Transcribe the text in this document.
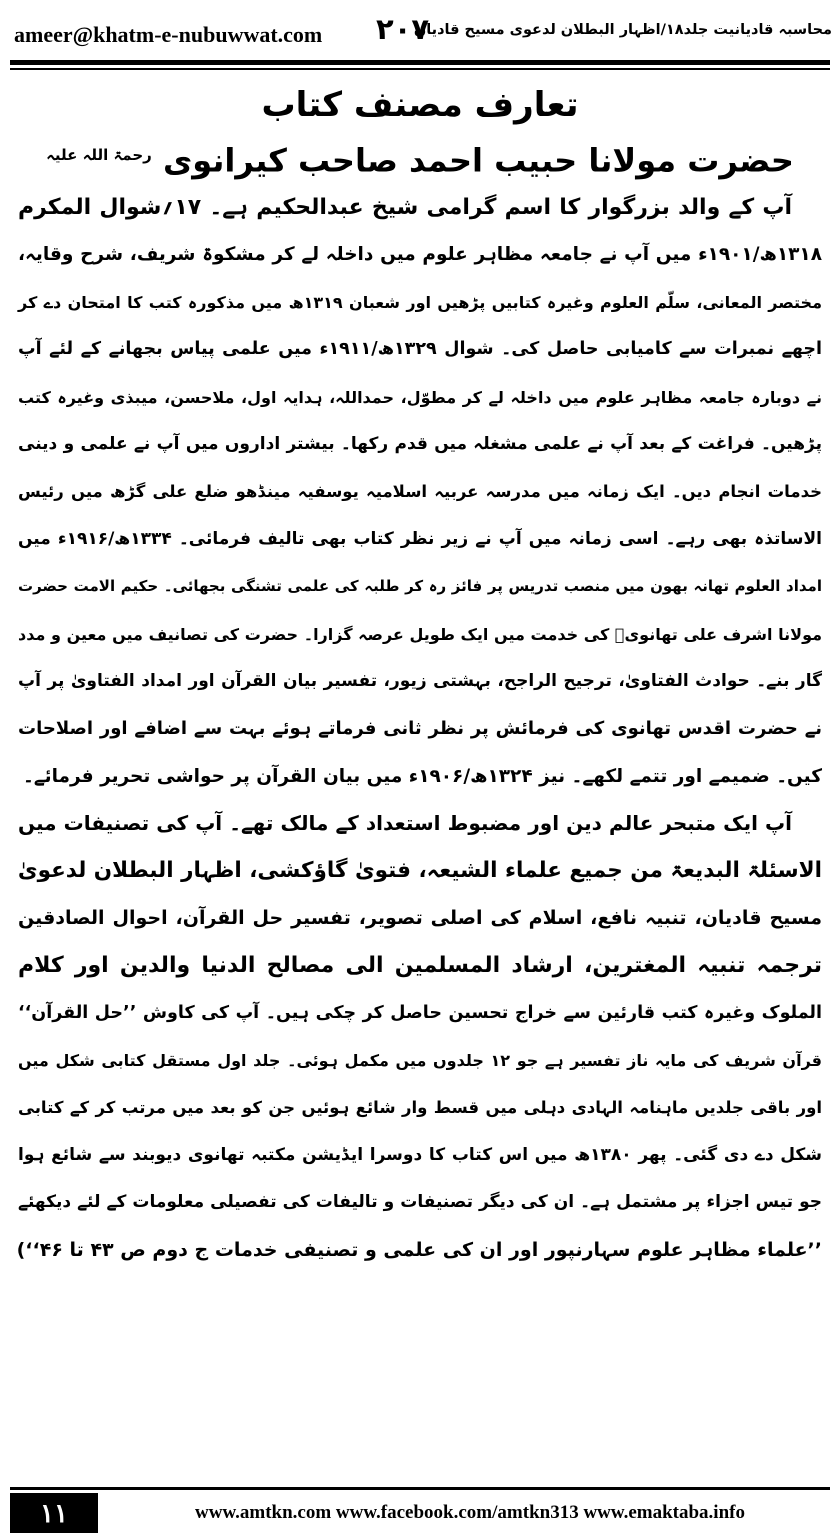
ameer@khatm-e-nubuwwat.com ۲۰۷
محاسبہ قادیانیت جلد۱۸/اظہار البطلان لدعوی مسیح قادیان
تعارف مصنف کتاب
حضرت مولانا حبیب احمد صاحب کیرانوی $^{رحمۃ اللہ علیہ}$
آپ کے والد بزرگوار کا اسم گرامی شیخ عبدالحکیم ہے۔ ۱۷؍شوال المکرم
۱۳۱۸ھ/۱۹۰۱ء میں آپ نے جامعہ مظاہر علوم میں داخلہ لے کر مشکوۃ شریف، شرح وقایہ،
مختصر المعانی، سلّم العلوم وغیرہ کتابیں پڑھیں اور شعبان ۱۳۱۹ھ میں مذکورہ کتب کا امتحان دے کر
اچھے نمبرات سے کامیابی حاصل کی۔ شوال ۱۳۲۹ھ/۱۹۱۱ء میں علمی پیاس بجھانے کے لئے آپ
نے دوبارہ جامعہ مظاہر علوم میں داخلہ لے کر مطوّل، حمداللہ، ہدایہ اول، ملاحسن، میبذی وغیرہ کتب
پڑھیں۔ فراغت کے بعد آپ نے علمی مشغلہ میں قدم رکھا۔ بیشتر اداروں میں آپ نے علمی و دینی
خدمات انجام دیں۔ ایک زمانہ میں مدرسہ عربیہ اسلامیہ یوسفیہ مینڈھو ضلع علی گڑھ میں رئیس
الاساتذہ بھی رہے۔ اسی زمانہ میں آپ نے زیر نظر کتاب بھی تالیف فرمائی۔ ۱۳۳۴ھ/۱۹۱۶ء میں
امداد العلوم تھانہ بھون میں منصب تدریس پر فائز رہ کر طلبہ کی علمی تشنگی بجھائی۔ حکیم الامت حضرت
مولانا اشرف علی تھانویؒ کی خدمت میں ایک طویل عرصہ گزارا۔ حضرت کی تصانیف میں معین و مدد
گار بنے۔ حوادث الفتاویٰ، ترجیح الراجح، بہشتی زیور، تفسیر بیان القرآن اور امداد الفتاویٰ پر آپ
نے حضرت اقدس تھانوی کی فرمائش پر نظر ثانی فرماتے ہوئے بہت سے اضافے اور اصلاحات
کیں۔ ضمیمے اور تتمے لکھے۔ نیز ۱۳۲۴ھ/۱۹۰۶ء میں بیان القرآن پر حواشی تحریر فرمائے۔
آپ ایک متبحر عالم دین اور مضبوط استعداد کے مالک تھے۔ آپ کی تصنیفات میں
الاسئلۃ البدیعۃ من جمیع علماء الشیعہ، فتویٰ گاؤکشی، اظہار البطلان لدعویٰ
مسیح قادیان، تنبیہ نافع، اسلام کی اصلی تصویر، تفسیر حل القرآن، احوال الصادقین
ترجمہ تنبیہ المغترین، ارشاد المسلمین الی مصالح الدنیا والدین اور کلام
الملوک وغیرہ کتب قارئین سے خراج تحسین حاصل کر چکی ہیں۔ آپ کی کاوش ’’حل القرآن‘‘
قرآن شریف کی مایہ ناز تفسیر ہے جو ۱۲ جلدوں میں مکمل ہوئی۔ جلد اول مستقل کتابی شکل میں
اور باقی جلدیں ماہنامہ الہادی دہلی میں قسط وار شائع ہوئیں جن کو بعد میں مرتب کر کے کتابی
شکل دے دی گئی۔ پھر ۱۳۸۰ھ میں اس کتاب کا دوسرا ایڈیشن مکتبہ تھانوی دیوبند سے شائع ہوا
جو تیس اجزاء پر مشتمل ہے۔ ان کی دیگر تصنیفات و تالیفات کی تفصیلی معلومات کے لئے دیکھئے
’’علماء مظاہر علوم سہارنپور اور ان کی علمی و تصنیفی خدمات ج دوم ص ۴۳ تا ۴۶‘‘)
۱۱	www.amtkn.com www.facebook.com/amtkn313 www.emaktaba.info
